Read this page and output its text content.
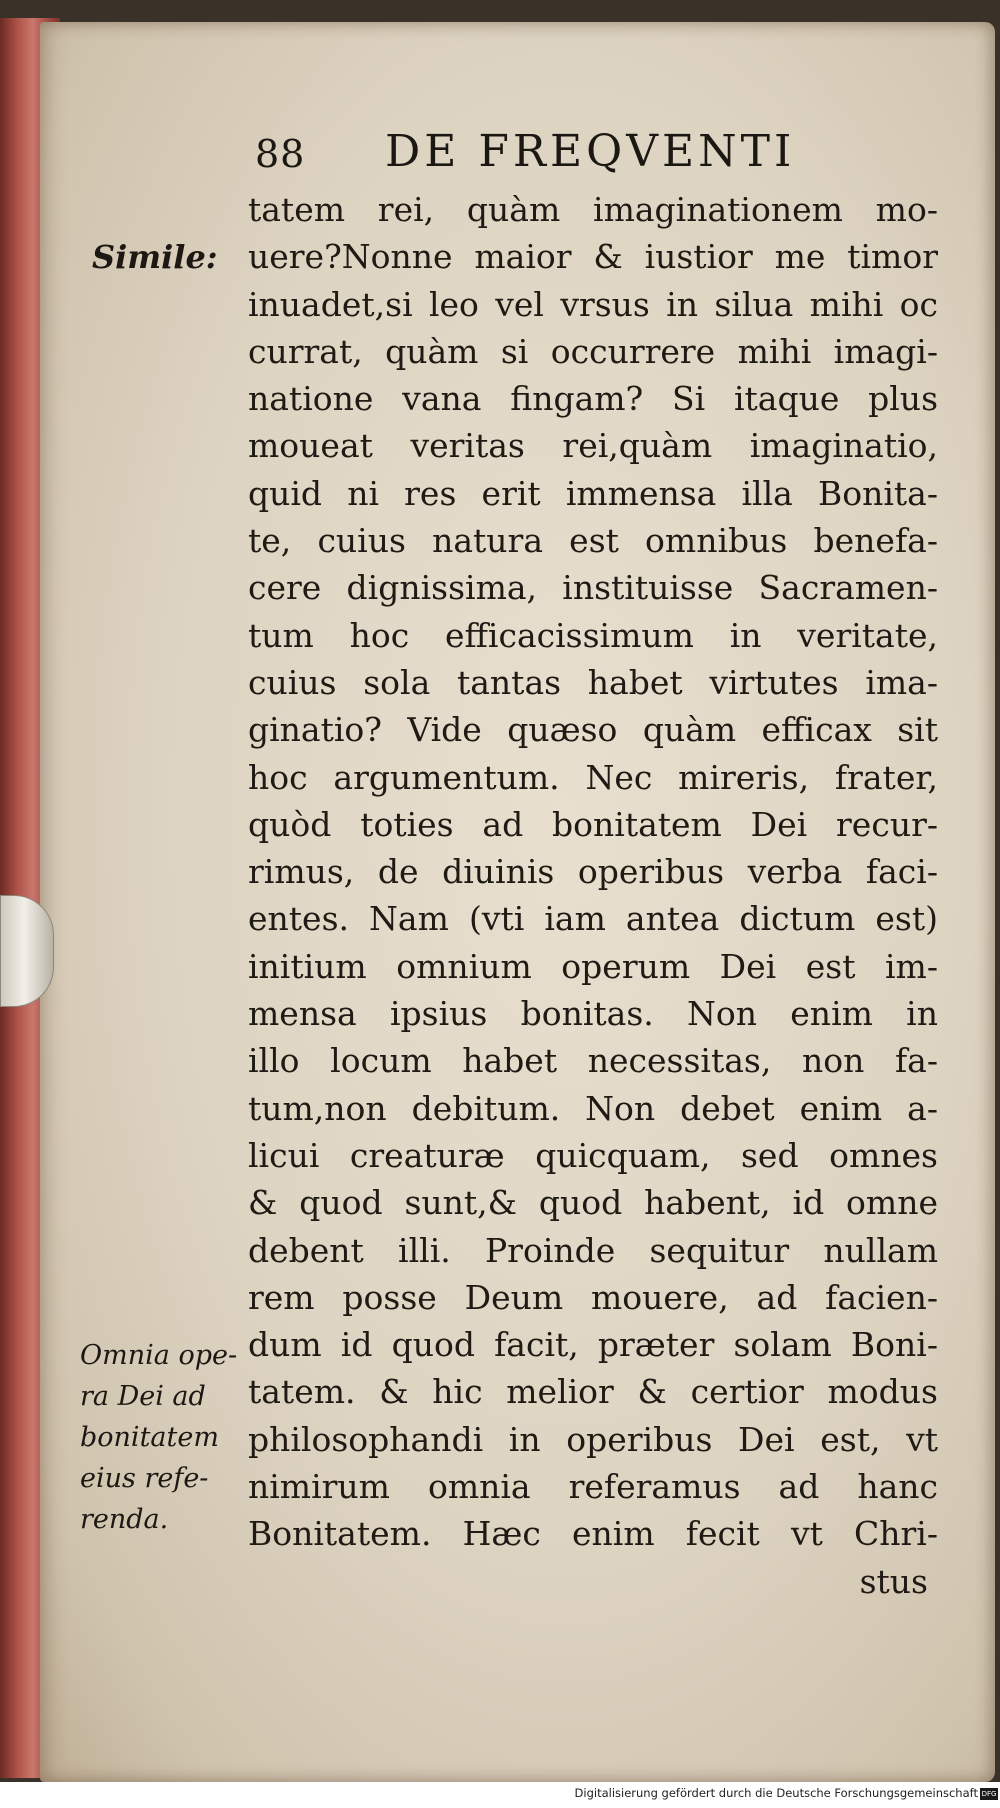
88 DE FREQVENTI
Simile:
Omnia ope-
ra Dei ad
bonitatem
eius refe-
renda.
tatem rei, quàm imaginationem mo-
uere?Nonne maior & iustior me timor
inuadet,si leo vel vrsus in silua mihi oc
currat, quàm si occurrere mihi imagi-
natione vana fingam? Si itaque plus
moueat veritas rei,quàm imaginatio,
quid ni res erit immensa illa Bonita-
te, cuius natura est omnibus benefa-
cere dignissima, instituisse Sacramen-
tum hoc efficacissimum in veritate,
cuius sola tantas habet virtutes ima-
ginatio? Vide quæso quàm efficax sit
hoc argumentum. Nec mireris, frater,
quòd toties ad bonitatem Dei recur-
rimus, de diuinis operibus verba faci-
entes. Nam (vti iam antea dictum est)
initium omnium operum Dei est im-
mensa ipsius bonitas. Non enim in
illo locum habet necessitas, non fa-
tum,non debitum. Non debet enim a-
licui creaturæ quicquam, sed omnes
& quod sunt,& quod habent, id omne
debent illi. Proinde sequitur nullam
rem posse Deum mouere, ad facien-
dum id quod facit, præter solam Boni-
tatem. & hic melior & certior modus
philosophandi in operibus Dei est, vt
nimirum omnia referamus ad hanc
Bonitatem. Hæc enim fecit vt Chri-
stus
Digitalisierung gefördert durch die Deutsche Forschungsgemeinschaft DFG
